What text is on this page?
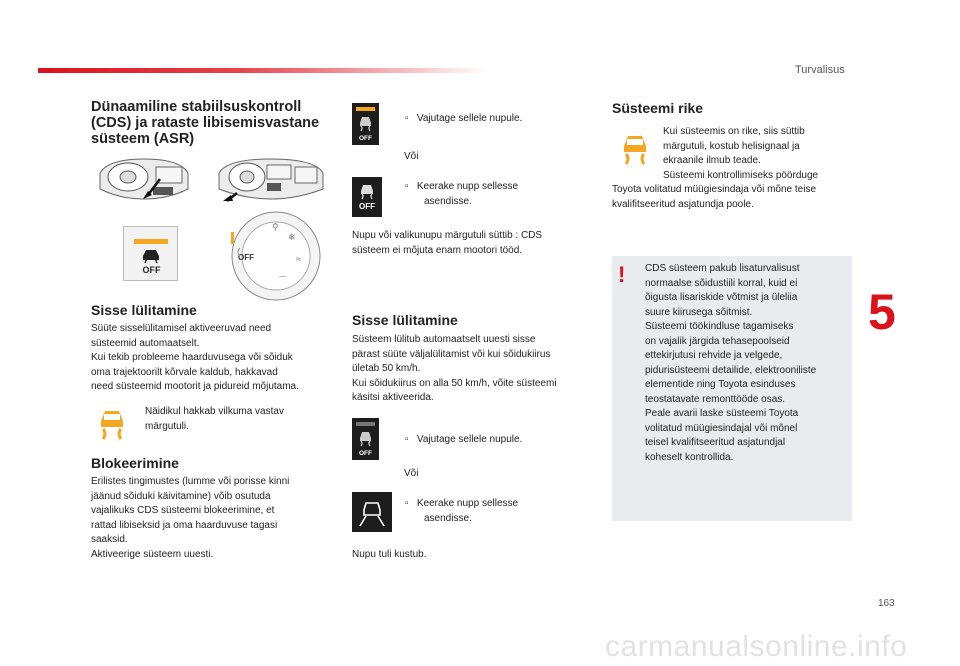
Turvalisus
5
163
carmanualsonline.info
Dünaamiline stabiilsuskontroll
(CDS) ja rataste libisemisvastane
süsteem (ASR)
OFF
OFF
⚲
❄
≈
⌒
Sisse lülitamine
Süüte sisselülitamisel aktiveeruvad need
süsteemid automaatselt.
Kui tekib probleeme haarduvusega või sõiduk
oma trajektoorilt kõrvale kaldub, hakkavad
need süsteemid mootorit ja pidureid mõjutama.
Näidikul hakkab vilkuma vastav
märgutuli.
Blokeerimine
Erilistes tingimustes (lumme või porisse kinni
jäänud sõiduki käivitamine) võib osutuda
vajalikuks CDS süsteemi blokeerimine, et
rattad libiseksid ja oma haarduvuse tagasi
saaksid.
Aktiveerige süsteem uuesti.
OFF
▫   Vajutage sellele nupule.
Või
OFF
▫   Keerake nupp sellesse
asendisse.
Nupu või valikunupu märgutuli süttib : CDS
süsteem ei mõjuta enam mootori tööd.
Sisse lülitamine
Süsteem lülitub automaatselt uuesti sisse
pärast süüte väljalülitamist või kui sõidukiirus
ületab 50 km/h.
Kui sõidukiirus on alla 50 km/h, võite süsteemi
käsitsi aktiveerida.
OFF
▫   Vajutage sellele nupule.
Või
▫   Keerake nupp sellesse
asendisse.
Nupu tuli kustub.
Süsteemi rike
Kui süsteemis on rike, siis süttib
märgutuli, kostub helisignaal ja
ekraanile ilmub teade.
Süsteemi kontrollimiseks pöörduge
Toyota volitatud müügiesindaja või mõne teise
kvalifitseeritud asjatundja poole.
! CDS süsteem pakub lisaturvalisust
normaalse sõidustiili korral, kuid ei
õigusta lisariskide võtmist ja üleliia
suure kiirusega sõitmist.
Süsteemi töökindluse tagamiseks
on vajalik järgida tehasepoolseid
ettekirjutusi rehvide ja velgede,
pidurisüsteemi detailide, elektrooniliste
elementide ning Toyota esinduses
teostatavate remonttööde osas.
Peale avarii laske süsteemi Toyota
volitatud müügiesindajal või mõnel
teisel kvalifitseeritud asjatundjal
koheselt kontrollida.
